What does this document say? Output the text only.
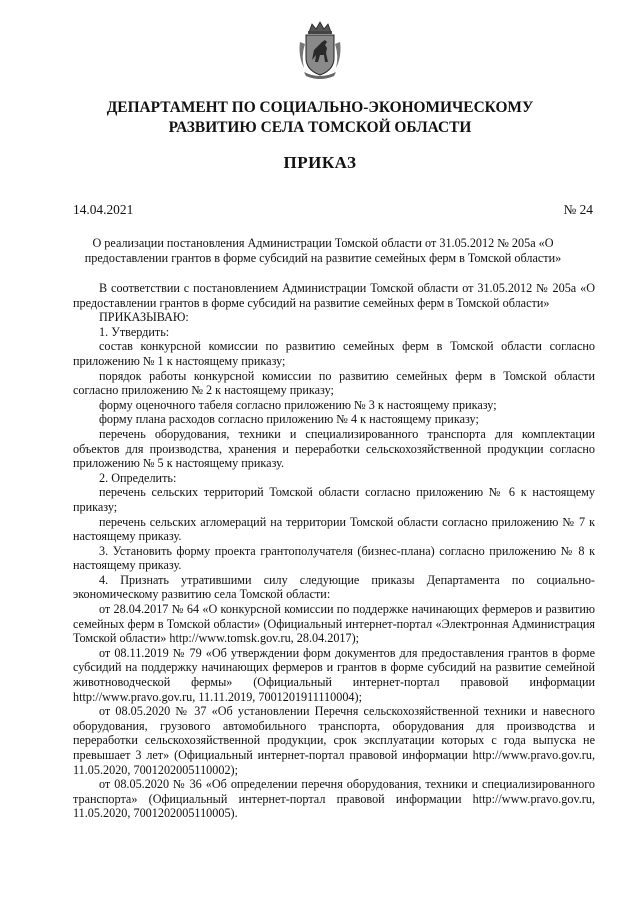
ДЕПАРТАМЕНТ ПО СОЦИАЛЬНО-ЭКОНОМИЧЕСКОМУ
РАЗВИТИЮ СЕЛА ТОМСКОЙ ОБЛАСТИ
ПРИКАЗ
14.04.2021	№ 24
О реализации постановления Администрации Томской области от 31.05.2012 № 205а «О предоставлении грантов в форме субсидий на развитие семейных ферм в Томской области»

В соответствии с постановлением Администрации Томской области от 31.05.2012 № 205а «О предоставлении грантов в форме субсидий на развитие семейных ферм в Томской области»

ПРИКАЗЫВАЮ:

1. Утвердить:

состав конкурсной комиссии по развитию семейных ферм в Томской области согласно приложению № 1 к настоящему приказу;

порядок работы конкурсной комиссии по развитию семейных ферм в Томской области согласно приложению № 2 к настоящему приказу;

форму оценочного табеля согласно приложению № 3 к настоящему приказу;

форму плана расходов согласно приложению № 4 к настоящему приказу;

перечень оборудования, техники и специализированного транспорта для комплектации объектов для производства, хранения и переработки сельскохозяйственной продукции согласно приложению № 5 к настоящему приказу.

2. Определить:

перечень сельских территорий Томской области согласно приложению № 6 к настоящему приказу;

перечень сельских агломераций на территории Томской области согласно приложению № 7 к настоящему приказу.

3. Установить форму проекта грантополучателя (бизнес-плана) согласно приложению № 8 к настоящему приказу.

4. Признать утратившими силу следующие приказы Департамента по социально-экономическому развитию села Томской области:

от 28.04.2017 № 64 «О конкурсной комиссии по поддержке начинающих фермеров и развитию семейных ферм в Томской области» (Официальный интернет-портал «Электронная Администрация Томской области» http://www.tomsk.gov.ru, 28.04.2017);

от 08.11.2019 № 79 «Об утверждении форм документов для предоставления грантов в форме субсидий на поддержку начинающих фермеров и грантов в форме субсидий на развитие семейной животноводческой фермы» (Официальный интернет-портал правовой информации http://www.pravo.gov.ru, 11.11.2019, 7001201911110004);

от 08.05.2020 № 37 «Об установлении Перечня сельскохозяйственной техники и навесного оборудования, грузового автомобильного транспорта, оборудования для производства и переработки сельскохозяйственной продукции, срок эксплуатации которых с года выпуска не превышает 3 лет» (Официальный интернет-портал правовой информации http://www.pravo.gov.ru, 11.05.2020, 7001202005110002);

от 08.05.2020 № 36 «Об определении перечня оборудования, техники и специализированного транспорта» (Официальный интернет-портал правовой информации http://www.pravo.gov.ru, 11.05.2020, 7001202005110005).
